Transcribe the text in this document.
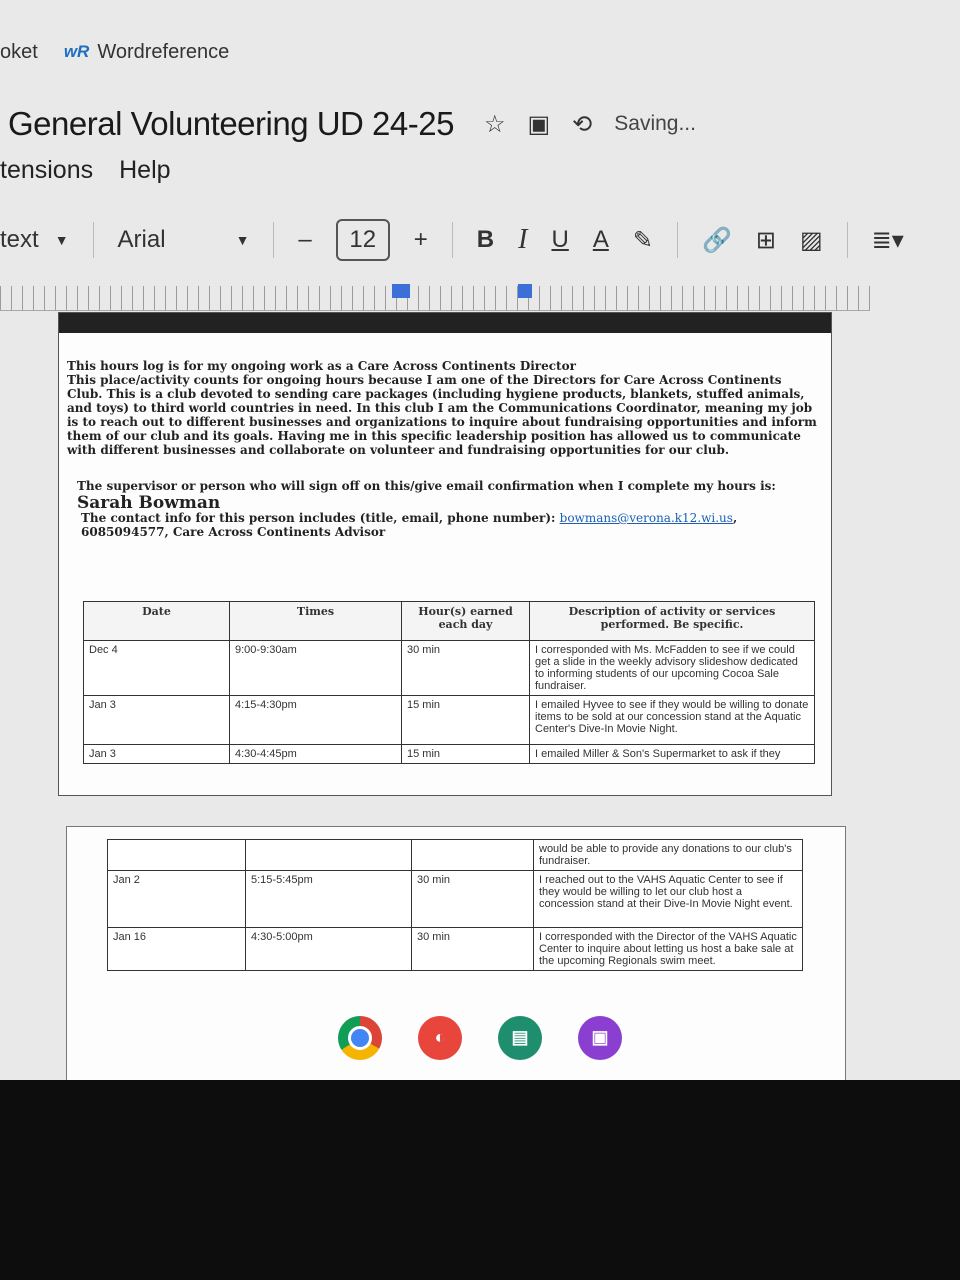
oket wR Wordreference
General Volunteering UD 24-25 ☆ ▣ ⟲ Saving...
tensions Help
text ▼ Arial	▼ –	12	+ B I U A ✎ 🔗 ⊞ ▨ ≣▾

This hours log is for my ongoing work as a Care Across Continents Director

This place/activity counts for ongoing hours because I am one of the Directors for Care Across Continents Club. This is a club devoted to sending care packages (including hygiene products, blankets, stuffed animals, and toys) to third world countries in need. In this club I am the Communications Coordinator, meaning my job is to reach out to different businesses and organizations to inquire about fundraising opportunities and inform them of our club and its goals. Having me in this specific leadership position has allowed us to communicate with different businesses and collaborate on volunteer and fundraising opportunities for our club.

The supervisor or person who will sign off on this/give email confirmation when I complete my hours is: Sarah Bowman
The contact info for this person includes (title, email, phone number): bowmans@verona.k12.wi.us, 6085094577, Care Across Continents Advisor
Date	Times	Hour(s) earned each day	Description of activity or services performed. Be specific.
Dec 4	9:00-9:30am	30 min	I corresponded with Ms. McFadden to see if we could get a slide in the weekly advisory slideshow dedicated to informing students of our upcoming Cocoa Sale fundraiser.
Jan 3	4:15-4:30pm	15 min	I emailed Hyvee to see if they would be willing to donate items to be sold at our concession stand at the Aquatic Center's Dive-In Movie Night.
Jan 3	4:30-4:45pm	15 min	I emailed Miller & Son's Supermarket to ask if they
			would be able to provide any donations to our club's fundraiser.
Jan 2	5:15-5:45pm	30 min	I reached out to the VAHS Aquatic Center to see if they would be willing to let our club host a concession stand at their Dive-In Movie Night event.
Jan 16	4:30-5:00pm	30 min	I corresponded with the Director of the VAHS Aquatic Center to inquire about letting us host a bake sale at the upcoming Regionals swim meet.
◐	▤	▣
